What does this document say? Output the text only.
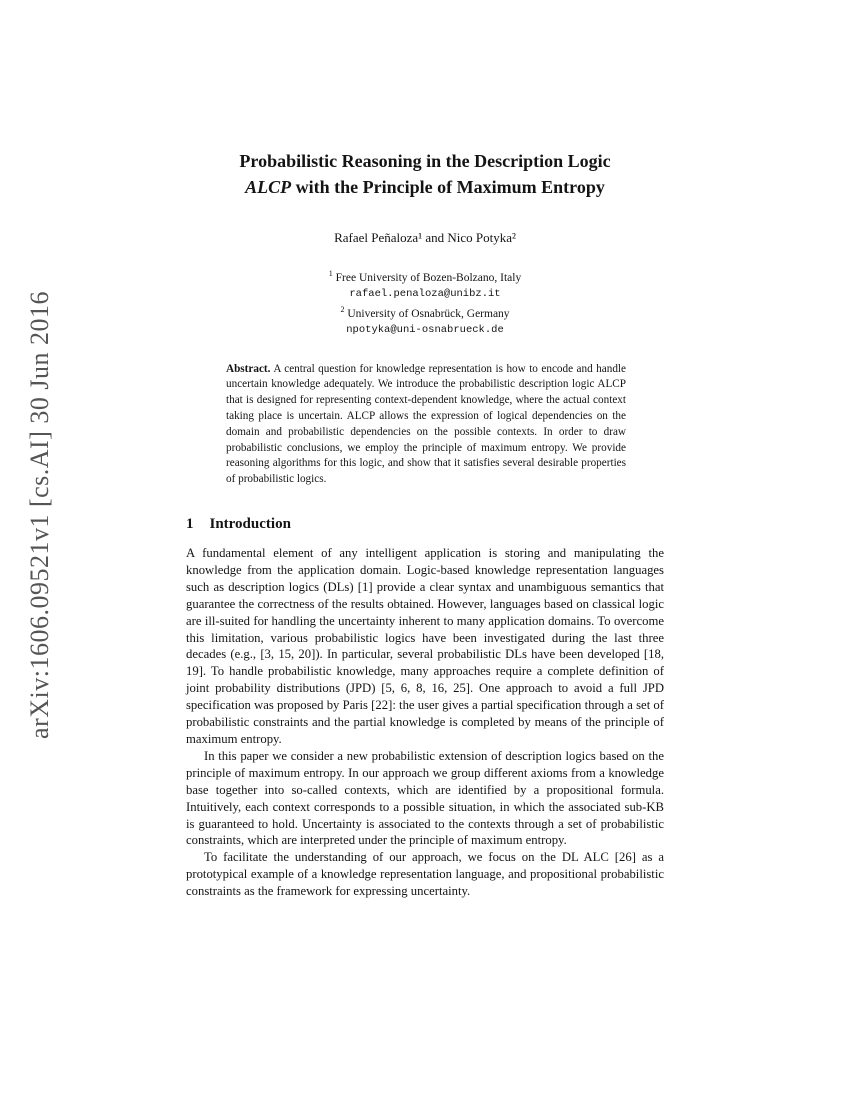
arXiv:1606.09521v1 [cs.AI] 30 Jun 2016
Probabilistic Reasoning in the Description Logic
ALCP with the Principle of Maximum Entropy
Rafael Peñaloza¹ and Nico Potyka²
$^1$ Free University of Bozen-Bolzano, Italy
rafael.penaloza@unibz.it
$^2$ University of Osnabrück, Germany
npotyka@uni-osnabrueck.de
Abstract. A central question for knowledge representation is how to encode and handle uncertain knowledge adequately. We introduce the probabilistic description logic ALCP that is designed for representing context-dependent knowledge, where the actual context taking place is uncertain. ALCP allows the expression of logical dependencies on the domain and probabilistic dependencies on the possible contexts. In order to draw probabilistic conclusions, we employ the principle of maximum entropy. We provide reasoning algorithms for this logic, and show that it satisfies several desirable properties of probabilistic logics.
1 Introduction

A fundamental element of any intelligent application is storing and manipulating the knowledge from the application domain. Logic-based knowledge representation languages such as description logics (DLs) [1] provide a clear syntax and unambiguous semantics that guarantee the correctness of the results obtained. However, languages based on classical logic are ill-suited for handling the uncertainty inherent to many application domains. To overcome this limitation, various probabilistic logics have been investigated during the last three decades (e.g., [3, 15, 20]). In particular, several probabilistic DLs have been developed [18, 19]. To handle probabilistic knowledge, many approaches require a complete definition of joint probability distributions (JPD) [5, 6, 8, 16, 25]. One approach to avoid a full JPD specification was proposed by Paris [22]: the user gives a partial specification through a set of probabilistic constraints and the partial knowledge is completed by means of the principle of maximum entropy.

In this paper we consider a new probabilistic extension of description logics based on the principle of maximum entropy. In our approach we group different axioms from a knowledge base together into so-called contexts, which are identified by a propositional formula. Intuitively, each context corresponds to a possible situation, in which the associated sub-KB is guaranteed to hold. Uncertainty is associated to the contexts through a set of probabilistic constraints, which are interpreted under the principle of maximum entropy.

To facilitate the understanding of our approach, we focus on the DL ALC [26] as a prototypical example of a knowledge representation language, and propositional probabilistic constraints as the framework for expressing uncertainty.
